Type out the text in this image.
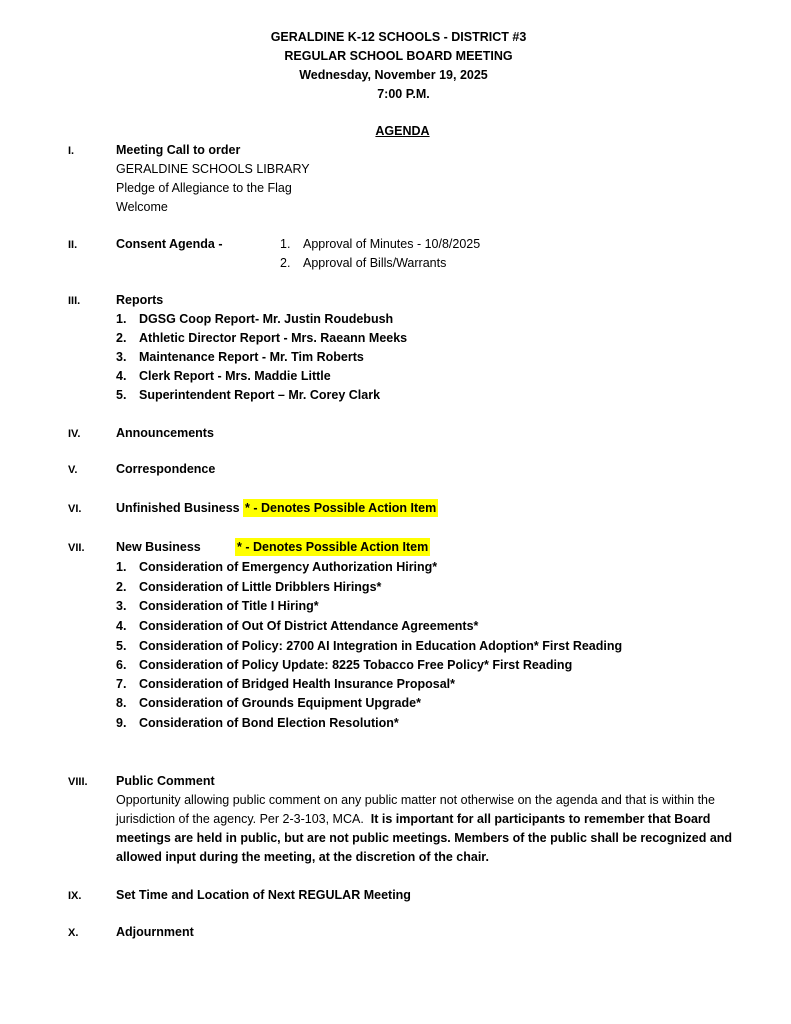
GERALDINE K-12 SCHOOLS - DISTRICT #3
REGULAR SCHOOL BOARD MEETING
Wednesday, November 19, 2025
7:00 P.M.
AGENDA
I.	Meeting Call to order
GERALDINE SCHOOLS LIBRARY
Pledge of Allegiance to the Flag
Welcome
II.	Consent Agenda -	1. Approval of Minutes - 10/8/2025
2. Approval of Bills/Warrants
III.	Reports
1. DGSG Coop Report- Mr. Justin Roudebush
2. Athletic Director Report - Mrs. Raeann Meeks
3. Maintenance Report - Mr. Tim Roberts
4. Clerk Report - Mrs. Maddie Little
5. Superintendent Report – Mr. Corey Clark
IV.	Announcements
V.	Correspondence
VI.	Unfinished Business * - Denotes Possible Action Item
VII.	New Business	* - Denotes Possible Action Item
1. Consideration of Emergency Authorization Hiring*
2. Consideration of Little Dribblers Hirings*
3. Consideration of Title I Hiring*
4. Consideration of Out Of District Attendance Agreements*
5. Consideration of Policy: 2700 AI Integration in Education Adoption* First Reading
6. Consideration of Policy Update: 8225 Tobacco Free Policy* First Reading
7. Consideration of Bridged Health Insurance Proposal*
8. Consideration of Grounds Equipment Upgrade*
9. Consideration of Bond Election Resolution*
VIII. Public Comment
Opportunity allowing public comment on any public matter not otherwise on the agenda and that is within the jurisdiction of the agency. Per 2-3-103, MCA. It is important for all participants to remember that Board meetings are held in public, but are not public meetings. Members of the public shall be recognized and allowed input during the meeting, at the discretion of the chair.
IX.	Set Time and Location of Next REGULAR Meeting
X.	Adjournment
